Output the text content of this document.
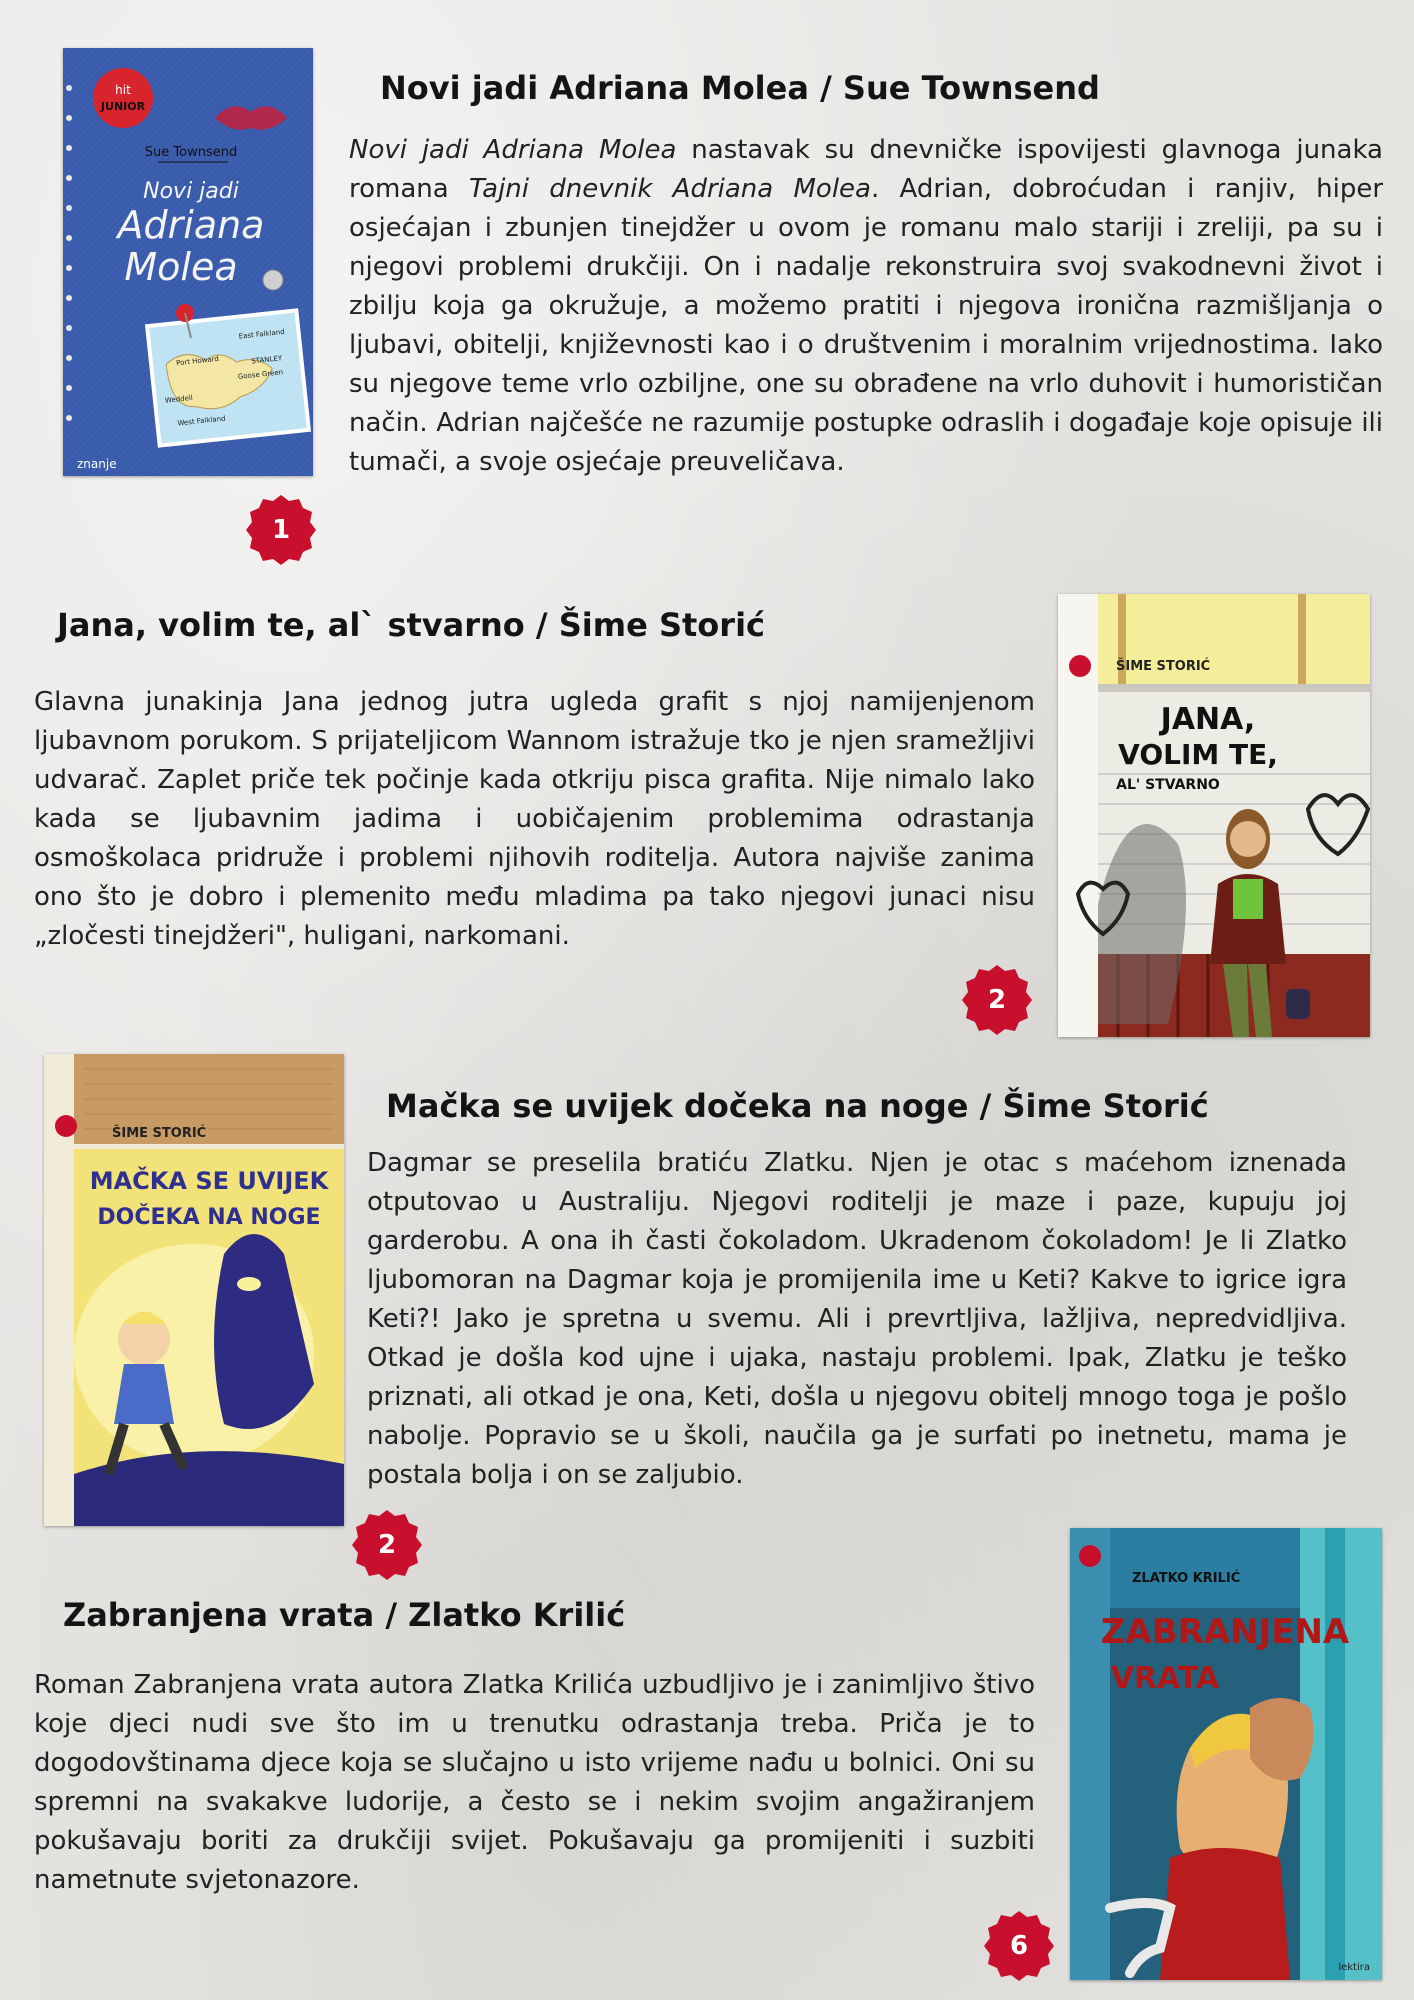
hit
JUNIOR
Sue Townsend
Novi jadi
Adriana
Molea
East Falkland
STANLEY
Port Howard
Goose Green
Weddell
West Falkland
znanje
Novi jadi Adriana Molea / Sue Townsend
Novi jadi Adriana Molea nastavak su dnevničke ispovijesti glavnoga junaka romana Tajni dnevnik Adriana Molea. Adrian, dobroćudan i ranjiv, hiper osjećajan i zbunjen tinejdžer u ovom je romanu malo stariji i zreliji, pa su i njegovi problemi drukčiji. On i nadalje rekonstruira svoj svakodnevni život i zbilju koja ga okružuje, a možemo pratiti i njegova ironična razmišljanja o ljubavi, obitelji, književnosti kao i o društvenim i moralnim vrijednostima. Iako su njegove teme vrlo ozbiljne, one su obrađene na vrlo duhovit i humorističan način. Adrian najčešće ne razumije postupke odraslih i događaje koje opisuje ili tumači, a svoje osjećaje preuveličava.
1
Jana, volim te, al` stvarno / Šime Storić
Glavna junakinja Jana jednog jutra ugleda grafit s njoj namijenjenom ljubavnom porukom. S prijateljicom Wannom istražuje tko je njen sramežljivi udvarač. Zaplet priče tek počinje kada otkriju pisca grafita. Nije nimalo lako kada se ljubavnim jadima i uobičajenim problemima odrastanja osmoškolaca pridruže i problemi njihovih roditelja. Autora najviše zanima ono što je dobro i plemenito među mladima pa tako njegovi junaci nisu „zločesti tinejdžeri", huligani, narkomani.
2
ŠIME STORIĆ
JANA,
VOLIM TE,
AL' STVARNO
ŠIME STORIĆ
MAČKA SE UVIJEK
DOČEKA NA NOGE
Mačka se uvijek dočeka na noge / Šime Storić
Dagmar se preselila bratiću Zlatku. Njen je otac s maćehom iznenada otputovao u Australiju. Njegovi roditelji je maze i paze, kupuju joj garderobu. A ona ih časti čokoladom. Ukradenom čokoladom! Je li Zlatko ljubomoran na Dagmar koja je promijenila ime u Keti? Kakve to igrice igra Keti?! Jako je spretna u svemu. Ali i prevrtljiva, lažljiva, nepredvidljiva. Otkad je došla kod ujne i ujaka, nastaju problemi. Ipak, Zlatku je teško priznati, ali otkad je ona, Keti, došla u njegovu obitelj mnogo toga je pošlo nabolje. Popravio se u školi, naučila ga je surfati po inetnetu, mama je postala bolja i on se zaljubio.
2
Zabranjena vrata / Zlatko Krilić
Roman Zabranjena vrata autora Zlatka Krilića uzbudljivo je i zanimljivo štivo koje djeci nudi sve što im u trenutku odrastanja treba. Priča je to dogodovštinama djece koja se slučajno u isto vrijeme nađu u bolnici. Oni su spremni na svakakve ludorije, a često se i nekim svojim angažiranjem pokušavaju boriti za drukčiji svijet. Pokušavaju ga promijeniti i suzbiti nametnute svjetonazore.
6
ZLATKO KRILIĆ
ZABRANJENA
VRATA
lektira
